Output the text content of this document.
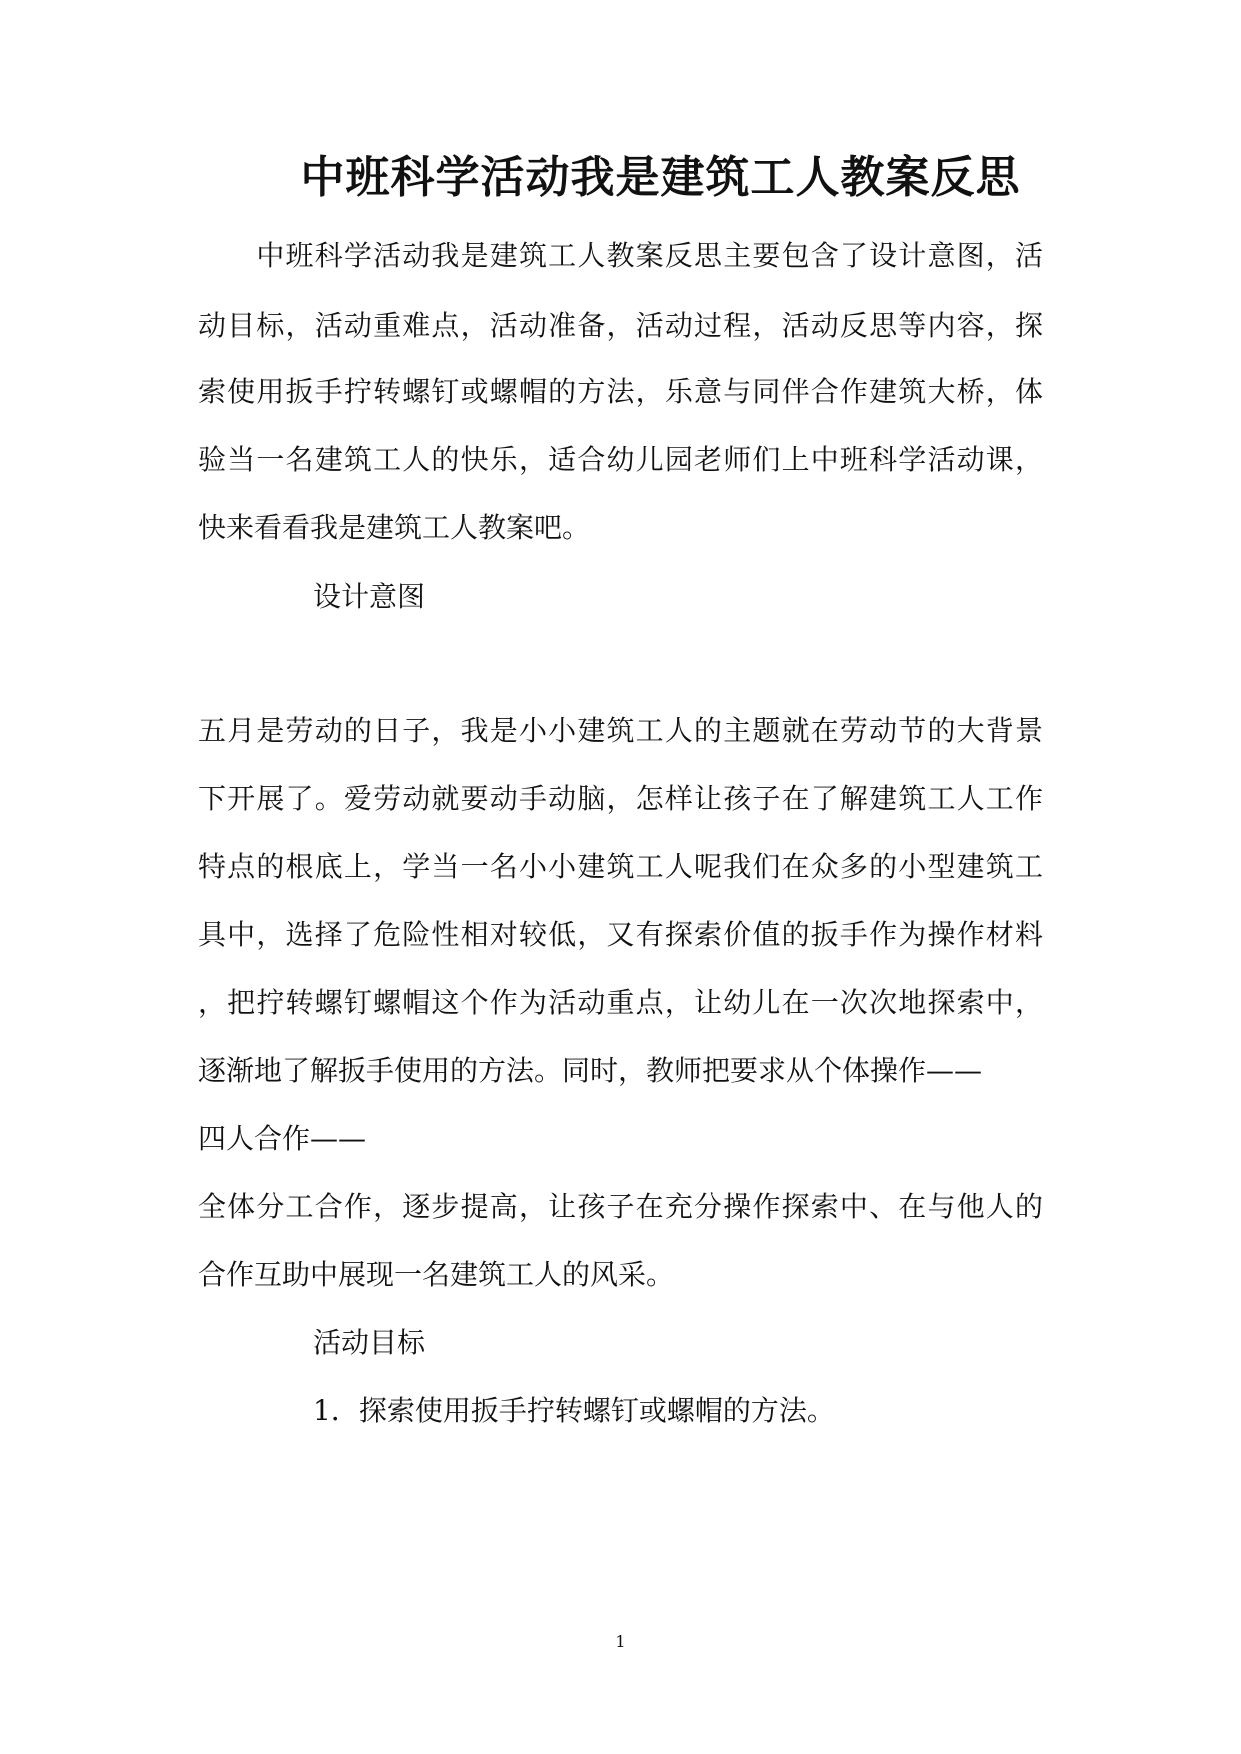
中班科学活动我是建筑工人教案反思
　　中班科学活动我是建筑工人教案反思主要包含了设计意图，活
动目标，活动重难点，活动准备，活动过程，活动反思等内容，探
索使用扳手拧转螺钉或螺帽的方法，乐意与同伴合作建筑大桥，体
验当一名建筑工人的快乐，适合幼儿园老师们上中班科学活动课，
快来看看我是建筑工人教案吧。
设计意图
五月是劳动的日子，我是小小建筑工人的主题就在劳动节的大背景
下开展了。爱劳动就要动手动脑，怎样让孩子在了解建筑工人工作
特点的根底上，学当一名小小建筑工人呢我们在众多的小型建筑工
具中，选择了危险性相对较低，又有探索价值的扳手作为操作材料
，把拧转螺钉螺帽这个作为活动重点，让幼儿在一次次地探索中，
逐渐地了解扳手使用的方法。同时，教师把要求从个体操作——
四人合作——
全体分工合作，逐步提高，让孩子在充分操作探索中、在与他人的
合作互助中展现一名建筑工人的风采。
活动目标
1．探索使用扳手拧转螺钉或螺帽的方法。
1
